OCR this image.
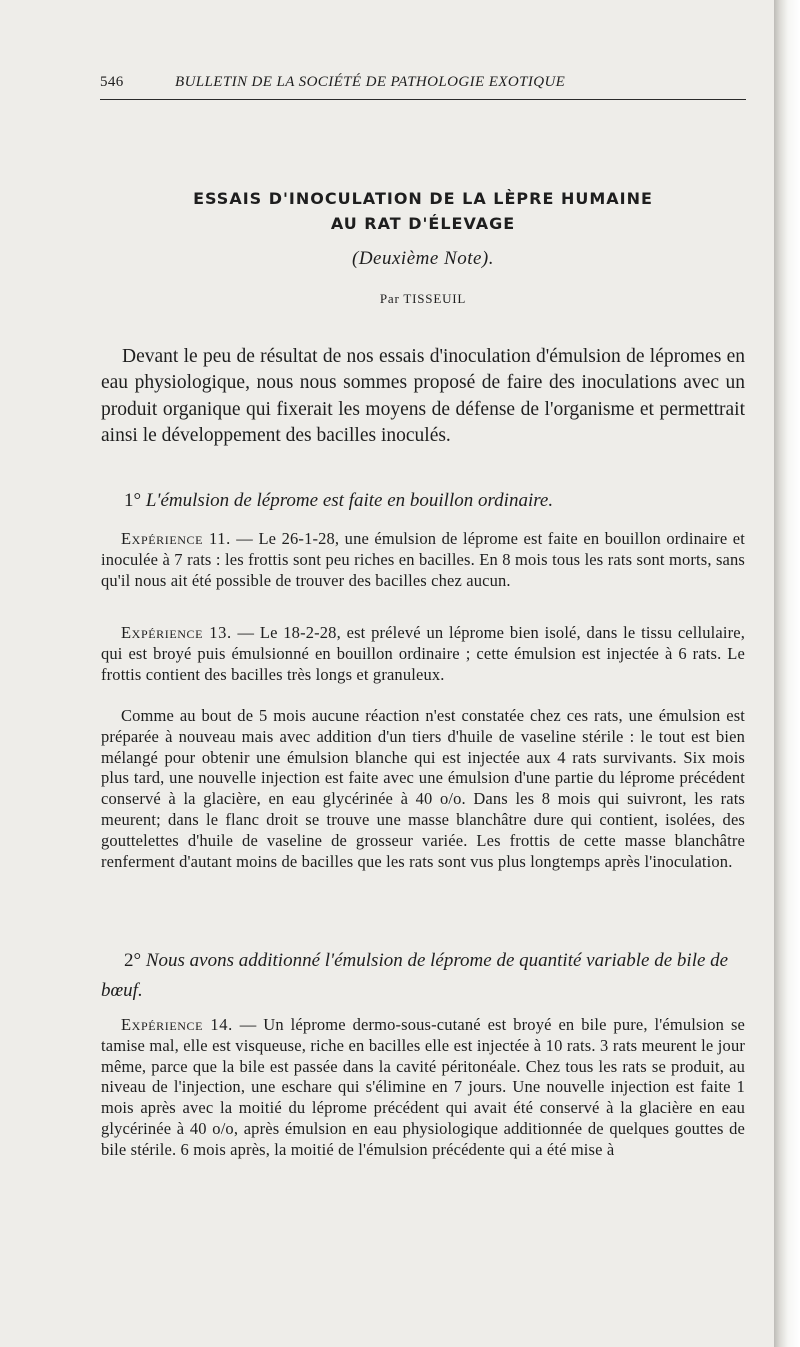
546	BULLETIN DE LA SOCIÉTÉ DE PATHOLOGIE EXOTIQUE
ESSAIS D'INOCULATION DE LA LÈPRE HUMAINE
AU RAT D'ÉLEVAGE
(Deuxième Note).
Par TISSEUIL

Devant le peu de résultat de nos essais d'inoculation d'émulsion de lépromes en eau physiologique, nous nous sommes proposé de faire des inoculations avec un produit organique qui fixerait les moyens de défense de l'organisme et permettrait ainsi le développement des bacilles inoculés.

1° L'émulsion de léprome est faite en bouillon ordinaire.

Expérience 11. — Le 26-1-28, une émulsion de léprome est faite en bouillon ordinaire et inoculée à 7 rats : les frottis sont peu riches en bacilles. En 8 mois tous les rats sont morts, sans qu'il nous ait été possible de trouver des bacilles chez aucun.

Expérience 13. — Le 18-2-28, est prélevé un léprome bien isolé, dans le tissu cellulaire, qui est broyé puis émulsionné en bouillon ordinaire ; cette émulsion est injectée à 6 rats. Le frottis contient des bacilles très longs et granuleux.

Comme au bout de 5 mois aucune réaction n'est constatée chez ces rats, une émulsion est préparée à nouveau mais avec addition d'un tiers d'huile de vaseline stérile : le tout est bien mélangé pour obtenir une émulsion blanche qui est injectée aux 4 rats survivants. Six mois plus tard, une nouvelle injection est faite avec une émulsion d'une partie du léprome précédent conservé à la glacière, en eau glycérinée à 40 o/o. Dans les 8 mois qui suivront, les rats meurent; dans le flanc droit se trouve une masse blanchâtre dure qui contient, isolées, des gouttelettes d'huile de vaseline de grosseur variée. Les frottis de cette masse blanchâtre renferment d'autant moins de bacilles que les rats sont vus plus longtemps après l'inoculation.

2° Nous avons additionné l'émulsion de léprome de quantité variable de bile de bœuf.

Expérience 14. — Un léprome dermo-sous-cutané est broyé en bile pure, l'émulsion se tamise mal, elle est visqueuse, riche en bacilles elle est injectée à 10 rats. 3 rats meurent le jour même, parce que la bile est passée dans la cavité péritonéale. Chez tous les rats se produit, au niveau de l'injection, une eschare qui s'élimine en 7 jours. Une nouvelle injection est faite 1 mois après avec la moitié du léprome précédent qui avait été conservé à la glacière en eau glycérinée à 40 o/o, après émulsion en eau physiologique additionnée de quelques gouttes de bile stérile. 6 mois après, la moitié de l'émulsion précédente qui a été mise à
